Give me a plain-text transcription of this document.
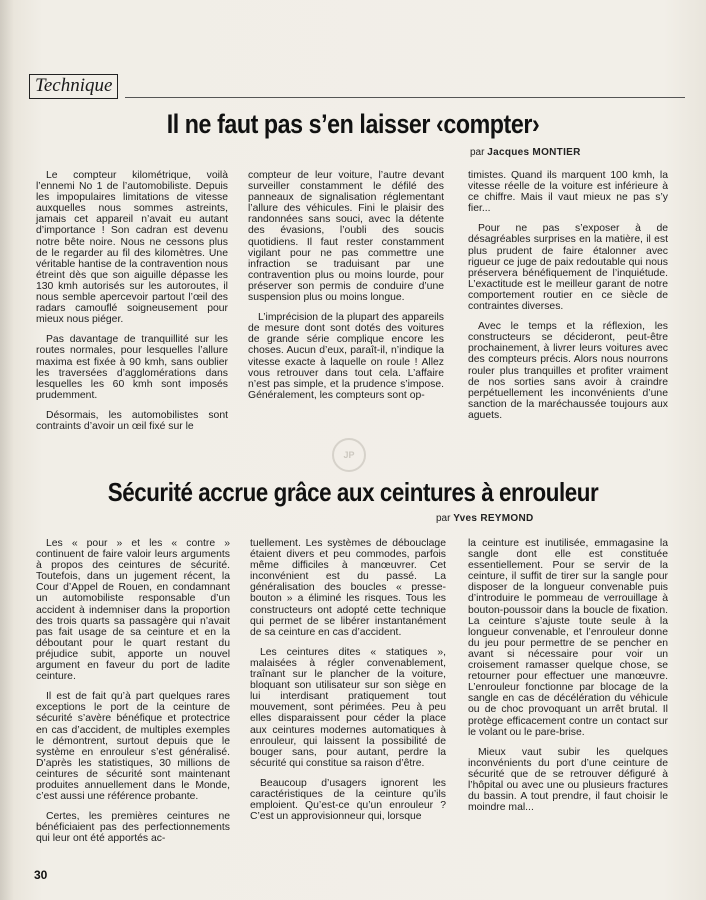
Technique
Il ne faut pas s’en laisser ‹compter›
par Jacques MONTIER

Le compteur kilométrique, voilà l’ennemi No 1 de l’automobiliste. Depuis les impopulaires limitations de vitesse auxquelles nous sommes astreints, jamais cet appareil n’avait eu autant d’importance ! Son cadran est devenu notre bête noire. Nous ne cessons plus de le regarder au fil des kilomètres. Une véritable hantise de la contravention nous étreint dès que son aiguille dépasse les 130 kmh autorisés sur les autoroutes, il nous semble apercevoir partout l’œil des radars camouflé soigneusement pour mieux nous piéger.

Pas davantage de tranquillité sur les routes normales, pour lesquelles l’allure maxima est fixée à 90 kmh, sans oublier les traversées d’agglomérations dans lesquelles les 60 kmh sont imposés prudemment.

Désormais, les automobilistes sont contraints d’avoir un œil fixé sur le

compteur de leur voiture, l’autre devant surveiller constamment le défilé des panneaux de signalisation réglementant l’allure des véhicules. Fini le plaisir des randonnées sans souci, avec la détente des évasions, l’oubli des soucis quotidiens. Il faut rester constamment vigilant pour ne pas commettre une infraction se traduisant par une contravention plus ou moins lourde, pour préserver son permis de conduire d’une suspension plus ou moins longue.

L’imprécision de la plupart des appareils de mesure dont sont dotés des voitures de grande série complique encore les choses. Aucun d’eux, paraît-il, n’indique la vitesse exacte à laquelle on roule ! Allez vous retrouver dans tout cela. L’affaire n’est pas simple, et la prudence s’impose. Généralement, les compteurs sont op-

timistes. Quand ils marquent 100 kmh, la vitesse réelle de la voiture est inférieure à ce chiffre. Mais il vaut mieux ne pas s’y fier...

Pour ne pas s’exposer à de désagréables surprises en la matière, il est plus prudent de faire étalonner avec rigueur ce juge de paix redoutable qui nous préservera bénéfiquement de l’inquiétude. L’exactitude est le meilleur garant de notre comportement routier en ce siècle de contraintes diverses.

Avec le temps et la réflexion, les constructeurs se décideront, peut-être prochainement, à livrer leurs voitures avec des compteurs précis. Alors nous nourrons rouler plus tranquilles et profiter vraiment de nos sorties sans avoir à craindre perpétuellement les inconvénients d’une sanction de la maréchaussée toujours aux aguets.

JP
Sécurité accrue grâce aux ceintures à enrouleur
par Yves REYMOND

Les « pour » et les « contre » continuent de faire valoir leurs arguments à propos des ceintures de sécurité. Toutefois, dans un jugement récent, la Cour d’Appel de Rouen, en condamnant un automobiliste responsable d’un accident à indemniser dans la proportion des trois quarts sa passagère qui n’avait pas fait usage de sa ceinture et en la déboutant pour le quart restant du préjudice subit, apporte un nouvel argument en faveur du port de ladite ceinture.

Il est de fait qu’à part quelques rares exceptions le port de la ceinture de sécurité s’avère bénéfique et protectrice en cas d’accident, de multiples exemples le démontrent, surtout depuis que le système en enrouleur s’est généralisé. D’après les statistiques, 30 millions de ceintures de sécurité sont maintenant produites annuellement dans le Monde, c’est aussi une référence probante.

Certes, les premières ceintures ne bénéficiaient pas des perfectionnements qui leur ont été apportés ac-

tuellement. Les systèmes de débouclage étaient divers et peu commodes, parfois même difficiles à manœuvrer. Cet inconvénient est du passé. La généralisation des boucles « presse-bouton » a éliminé les risques. Tous les constructeurs ont adopté cette technique qui permet de se libérer instantanément de sa ceinture en cas d’accident.

Les ceintures dites « statiques », malaisées à régler convenablement, traînant sur le plancher de la voiture, bloquant son utilisateur sur son siège en lui interdisant pratiquement tout mouvement, sont périmées. Peu à peu elles disparaissent pour céder la place aux ceintures modernes automatiques à enrouleur, qui laissent la possibilité de bouger sans, pour autant, perdre la sécurité qui constitue sa raison d’être.

Beaucoup d’usagers ignorent les caractéristiques de la ceinture qu’ils emploient. Qu’est-ce qu’un enrouleur ? C’est un approvisionneur qui, lorsque

la ceinture est inutilisée, emmagasine la sangle dont elle est constituée essentiellement. Pour se servir de la ceinture, il suffit de tirer sur la sangle pour disposer de la longueur convenable puis d’introduire le pommeau de verrouillage à bouton-poussoir dans la boucle de fixation. La ceinture s’ajuste toute seule à la longueur convenable, et l’enrouleur donne du jeu pour permettre de se pencher en avant si nécessaire pour voir un croisement ramasser quelque chose, se retourner pour effectuer une manœuvre. L’enrouleur fonctionne par blocage de la sangle en cas de décélération du véhicule ou de choc provoquant un arrêt brutal. Il protège efficacement contre un contact sur le volant ou le pare-brise.

Mieux vaut subir les quelques inconvénients du port d’une ceinture de sécurité que de se retrouver défiguré à l’hôpital ou avec une ou plusieurs fractures du bassin. A tout prendre, il faut choisir le moindre mal...

30
